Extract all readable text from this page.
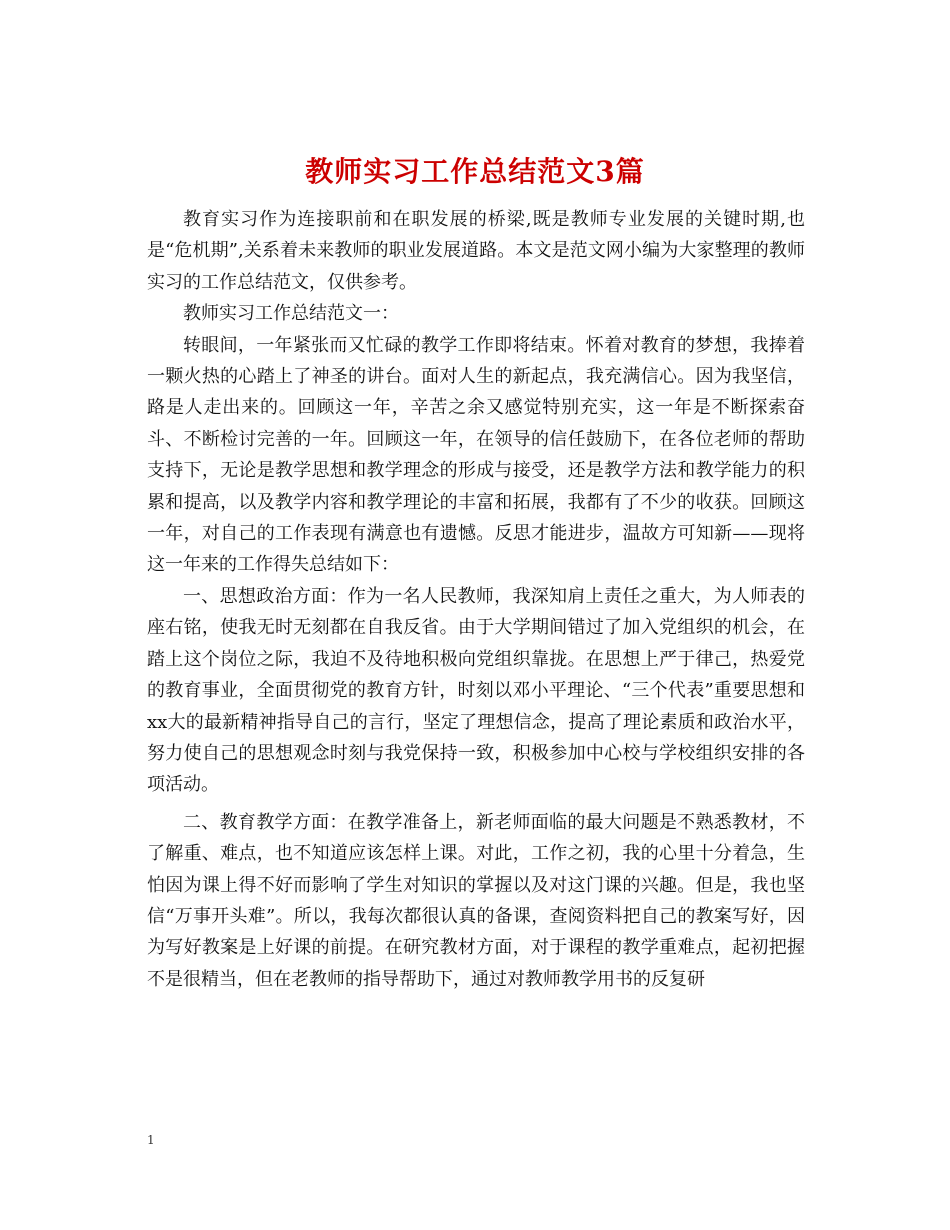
教师实习工作总结范文3篇

教育实习作为连接职前和在职发展的桥梁,既是教师专业发展的关键时期,也是“危机期”,关系着未来教师的职业发展道路。本文是范文网小编为大家整理的教师实习的工作总结范文，仅供参考。

教师实习工作总结范文一：

转眼间，一年紧张而又忙碌的教学工作即将结束。怀着对教育的梦想，我捧着一颗火热的心踏上了神圣的讲台。面对人生的新起点，我充满信心。因为我坚信，路是人走出来的。回顾这一年，辛苦之余又感觉特别充实，这一年是不断探索奋斗、不断检讨完善的一年。回顾这一年，在领导的信任鼓励下，在各位老师的帮助支持下，无论是教学思想和教学理念的形成与接受，还是教学方法和教学能力的积累和提高，以及教学内容和教学理论的丰富和拓展，我都有了不少的收获。回顾这一年，对自己的工作表现有满意也有遗憾。反思才能进步，温故方可知新——现将这一年来的工作得失总结如下：

一、思想政治方面：作为一名人民教师，我深知肩上责任之重大，为人师表的座右铭，使我无时无刻都在自我反省。由于大学期间错过了加入党组织的机会，在踏上这个岗位之际，我迫不及待地积极向党组织靠拢。在思想上严于律己，热爱党的教育事业，全面贯彻党的教育方针，时刻以邓小平理论、“三个代表”重要思想和xx大的最新精神指导自己的言行，坚定了理想信念，提高了理论素质和政治水平，努力使自己的思想观念时刻与我党保持一致，积极参加中心校与学校组织安排的各项活动。

二、教育教学方面：在教学准备上，新老师面临的最大问题是不熟悉教材，不了解重、难点，也不知道应该怎样上课。对此，工作之初，我的心里十分着急，生怕因为课上得不好而影响了学生对知识的掌握以及对这门课的兴趣。但是，我也坚信“万事开头难”。所以，我每次都很认真的备课，查阅资料把自己的教案写好，因为写好教案是上好课的前提。在研究教材方面，对于课程的教学重难点，起初把握不是很精当，但在老教师的指导帮助下，通过对教师教学用书的反复研

1
